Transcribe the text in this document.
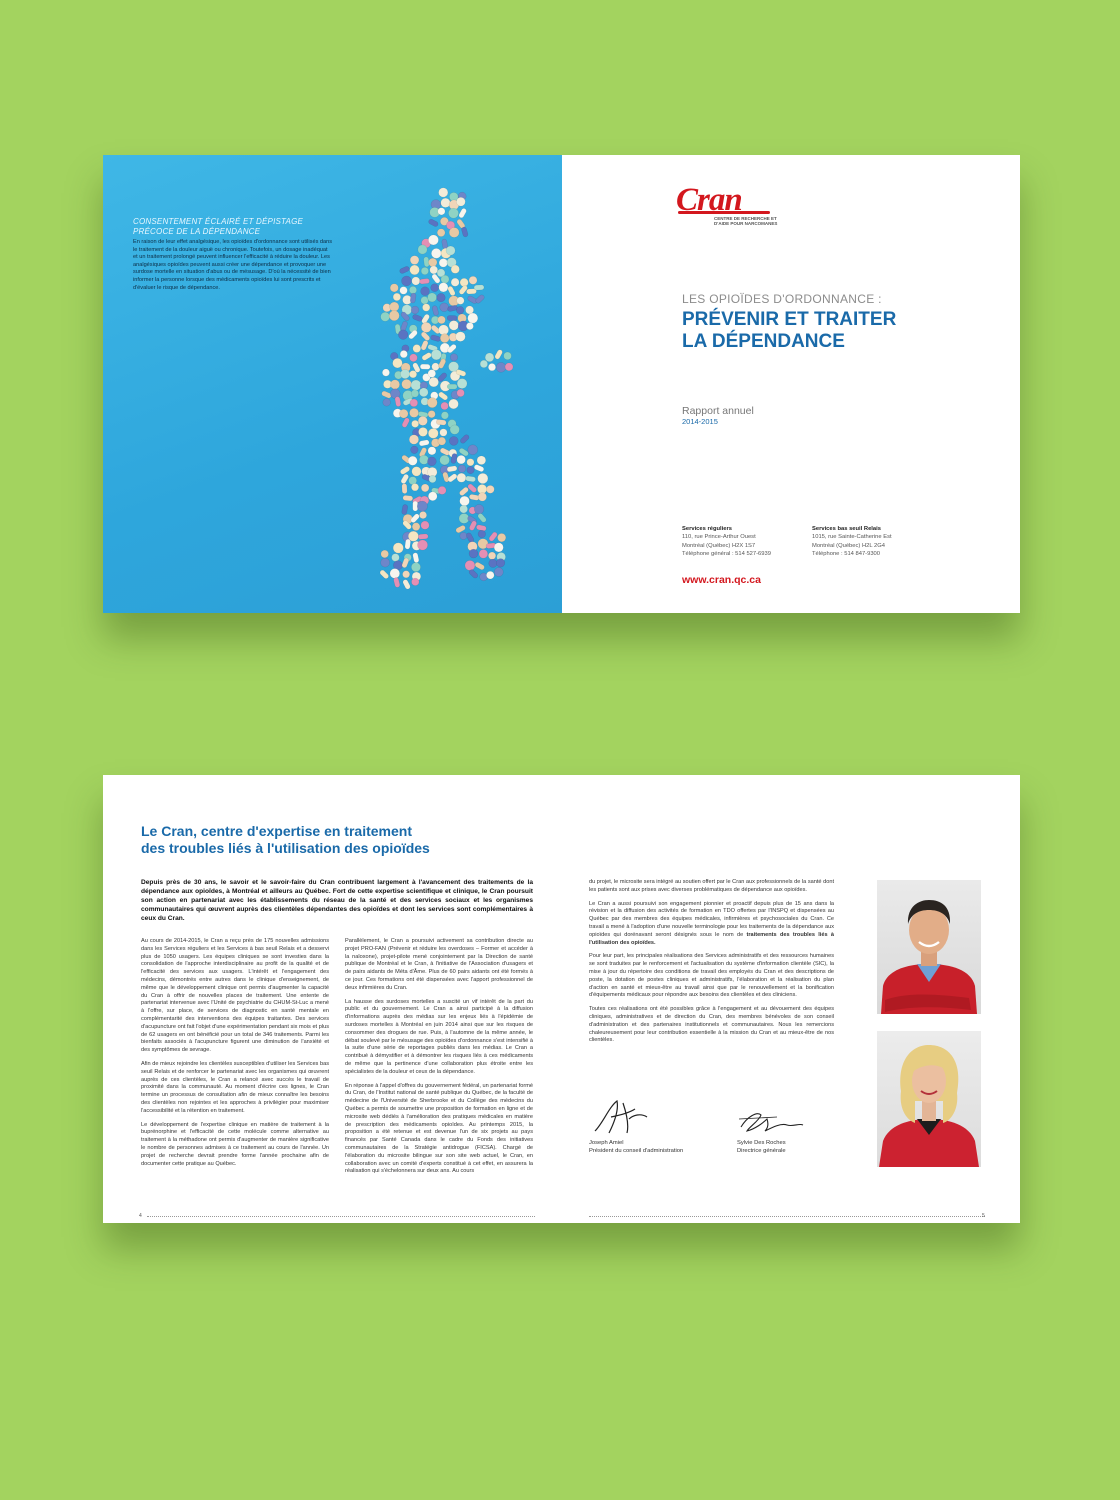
CONSENTEMENT ÉCLAIRÉ ET DÉPISTAGE
PRÉCOCE DE LA DÉPENDANCE

En raison de leur effet analgésique, les opioïdes d'ordonnance sont utilisés dans le traitement de la douleur aiguë ou chronique. Toutefois, un dosage inadéquat et un traitement prolongé peuvent influencer l'efficacité à réduire la douleur. Les analgésiques opioïdes peuvent aussi créer une dépendance et provoquer une surdose mortelle en situation d'abus ou de mésusage. D'où la nécessité de bien informer la personne lorsque des médicaments opioïdes lui sont prescrits et d'évaluer le risque de dépendance.

Cran
CENTRE DE RECHERCHE ET D'AIDE POUR NARCOMANES
LES OPIOÏDES D'ORDONNANCE :
PRÉVENIR ET TRAITER
LA DÉPENDANCE
Rapport annuel
2014-2015
Services réguliers
110, rue Prince-Arthur Ouest
Montréal (Québec) H2X 1S7
Téléphone général : 514 527-6939
Services bas seuil Relais
1015, rue Sainte-Catherine Est
Montréal (Québec) H2L 2G4
Téléphone : 514 847-9300
www.cran.qc.ca
Le Cran, centre d'expertise en traitement
des troubles liés à l'utilisation des opioïdes
Depuis près de 30 ans, le savoir et le savoir-faire du Cran contribuent largement à l'avancement des traitements de la dépendance aux opioïdes, à Montréal et ailleurs au Québec. Fort de cette expertise scientifique et clinique, le Cran poursuit son action en partenariat avec les établissements du réseau de la santé et des services sociaux et les organismes communautaires qui œuvrent auprès des clientèles dépendantes des opioïdes et dont les services sont complémentaires à ceux du Cran.

Au cours de 2014-2015, le Cran a reçu près de 175 nouvelles admissions dans les Services réguliers et les Services à bas seuil Relais et a desservi plus de 1050 usagers. Les équipes cliniques se sont investies dans la consolidation de l'approche interdisciplinaire au profit de la qualité et de l'efficacité des services aux usagers. L'intérêt et l'engagement des médecins, démontrés entre autres dans le clinique d'enseignement, de même que le développement clinique ont permis d'augmenter la capacité du Cran à offrir de nouvelles places de traitement. Une entente de partenariat intervenue avec l'Unité de psychiatrie du CHUM-St-Luc a mené à l'offre, sur place, de services de diagnostic en santé mentale en complémentarité des interventions des équipes traitantes. Des services d'acupuncture ont fait l'objet d'une expérimentation pendant six mois et plus de 62 usagers en ont bénéficié pour un total de 346 traitements. Parmi les bienfaits associés à l'acupuncture figurent une diminution de l'anxiété et des symptômes de sevrage.

Afin de mieux rejoindre les clientèles susceptibles d'utiliser les Services bas seuil Relais et de renforcer le partenariat avec les organismes qui œuvrent auprès de ces clientèles, le Cran a relancé avec succès le travail de proximité dans la communauté. Au moment d'écrire ces lignes, le Cran termine un processus de consultation afin de mieux connaître les besoins des clientèles non rejointes et les approches à privilégier pour maximiser l'accessibilité et la rétention en traitement.

Le développement de l'expertise clinique en matière de traitement à la buprénorphine et l'efficacité de cette molécule comme alternative au traitement à la méthadone ont permis d'augmenter de manière significative le nombre de personnes admises à ce traitement au cours de l'année. Un projet de recherche devrait prendre forme l'année prochaine afin de documenter cette pratique au Québec.

Parallèlement, le Cran a poursuivi activement sa contribution directe au projet PRO-FAN (Prévenir et réduire les overdoses – Former et accéder à la naloxone), projet-pilote mené conjointement par la Direction de santé publique de Montréal et le Cran, à l'initiative de l'Association d'usagers et de pairs aidants de Méta d'Âme. Plus de 60 pairs aidants ont été formés à ce jour. Ces formations ont été dispensées avec l'apport professionnel de deux infirmières du Cran.

La hausse des surdoses mortelles a suscité un vif intérêt de la part du public et du gouvernement. Le Cran a ainsi participé à la diffusion d'informations auprès des médias sur les enjeux liés à l'épidémie de surdoses mortelles à Montréal en juin 2014 ainsi que sur les risques de consommer des drogues de rue. Puis, à l'automne de la même année, le débat soulevé par le mésusage des opioïdes d'ordonnance s'est intensifié à la suite d'une série de reportages publiés dans les médias. Le Cran a contribué à démystifier et à démontrer les risques liés à ces médicaments de même que la pertinence d'une collaboration plus étroite entre les spécialistes de la douleur et ceux de la dépendance.

En réponse à l'appel d'offres du gouvernement fédéral, un partenariat formé du Cran, de l'Institut national de santé publique du Québec, de la faculté de médecine de l'Université de Sherbrooke et du Collège des médecins du Québec a permis de soumettre une proposition de formation en ligne et de microsite web dédiés à l'amélioration des pratiques médicales en matière de prescription des médicaments opioïdes. Au printemps 2015, la proposition a été retenue et est devenue l'un de six projets au pays financés par Santé Canada dans le cadre du Fonds des initiatives communautaires de la Stratégie antidrogue (FICSA). Chargé de l'élaboration du microsite bilingue sur son site web actuel, le Cran, en collaboration avec un comité d'experts constitué à cet effet, en assurera la réalisation qui s'échelonnera sur deux ans. Au cours

4

du projet, le microsite sera intégré au soutien offert par le Cran aux professionnels de la santé dont les patients sont aux prises avec diverses problématiques de dépendance aux opioïdes.

Le Cran a aussi poursuivi son engagement pionnier et proactif depuis plus de 15 ans dans la révision et la diffusion des activités de formation en TDO offertes par l'INSPQ et dispensées au Québec par des membres des équipes médicales, infirmières et psychosociales du Cran. Ce travail a mené à l'adoption d'une nouvelle terminologie pour les traitements de la dépendance aux opioïdes qui dorénavant seront désignés sous le nom de traitements des troubles liés à l'utilisation des opioïdes.

Pour leur part, les principales réalisations des Services administratifs et des ressources humaines se sont traduites par le renforcement et l'actualisation du système d'information clientèle (SIC), la mise à jour du répertoire des conditions de travail des employés du Cran et des descriptions de poste, la dotation de postes cliniques et administratifs, l'élaboration et la réalisation du plan d'action en santé et mieux-être au travail ainsi que par le renouvellement et la bonification d'équipements médicaux pour répondre aux besoins des clientèles et des cliniciens.

Toutes ces réalisations ont été possibles grâce à l'engagement et au dévouement des équipes cliniques, administratives et de direction du Cran, des membres bénévoles de son conseil d'administration et des partenaires institutionnels et communautaires. Nous les remercions chaleureusement pour leur contribution essentielle à la mission du Cran et au mieux-être de nos clientèles.

Joseph Amiel
Président du conseil d'administration
Sylvie Des Roches
Directrice générale
5
